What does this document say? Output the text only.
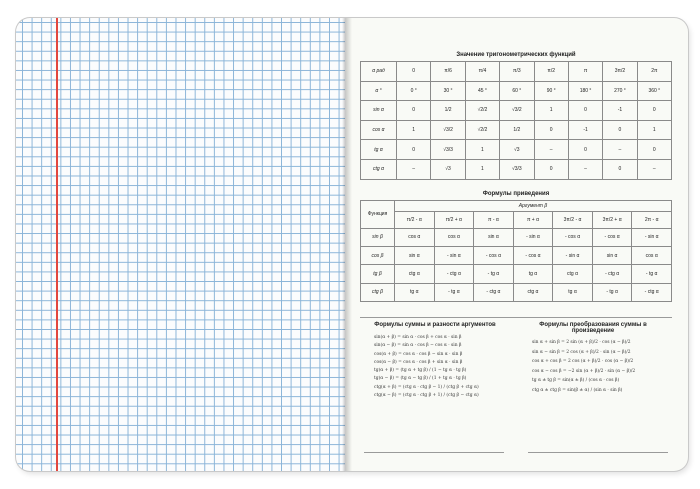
Значение тригонометрических функций
α рад	0	π/6	π/4	π/3	π/2	π	3π/2	2π
α °	0 °	30 °	45 °	60 °	90 °	180 °	270 °	360 °
sin α	0	1/2	√2/2	√3/2	1	0	-1	0
cos α	1	√3/2	√2/2	1/2	0	-1	0	1
tg α	0	√3/3	1	√3	–	0	–	0
ctg α	–	√3	1	√3/3	0	–	0	–
Формулы приведения
Функция	Аргумент β						
	π/2 - α	π/2 + α	π - α	π + α	3π/2 - α	3π/2 + α	2π - α
sin β	cos α	cos α	sin α	- sin α	- cos α	- cos α	- sin α
cos β	sin α	- sin α	- cos α	- cos α	- sin α	sin α	cos α
tg β	ctg α	- ctg α	- tg α	tg α	ctg α	- ctg α	- tg α
ctg β	tg α	- tg α	- ctg α	ctg α	tg α	- tg α	- ctg α
Формулы суммы и разности аргументов
sin(α + β) = sin α · cos β + cos α · sin β
sin(α − β) = sin α · cos β − cos α · sin β
cos(α + β) = cos α · cos β − sin α · sin β
cos(α − β) = cos α · cos β + sin α · sin β
tg(α + β) = (tg α + tg β) / (1 − tg α · tg β)
tg(α − β) = (tg α − tg β) / (1 + tg α · tg β)
ctg(α + β) = (ctg α · ctg β − 1) / (ctg β + ctg α)
ctg(α − β) = (ctg α · ctg β + 1) / (ctg β − ctg α)
Формулы преобразования суммы в произведение
sin α + sin β = 2 sin (α + β)/2 · cos (α − β)/2
sin α − sin β = 2 cos (α + β)/2 · sin (α − β)/2
cos α + cos β = 2 cos (α + β)/2 · cos (α − β)/2
cos α − cos β = −2 sin (α + β)/2 · sin (α − β)/2
tg α ± tg β = sin(α ± β) / (cos α · cos β)
ctg α ± ctg β = sin(β ± α) / (sin α · sin β)
